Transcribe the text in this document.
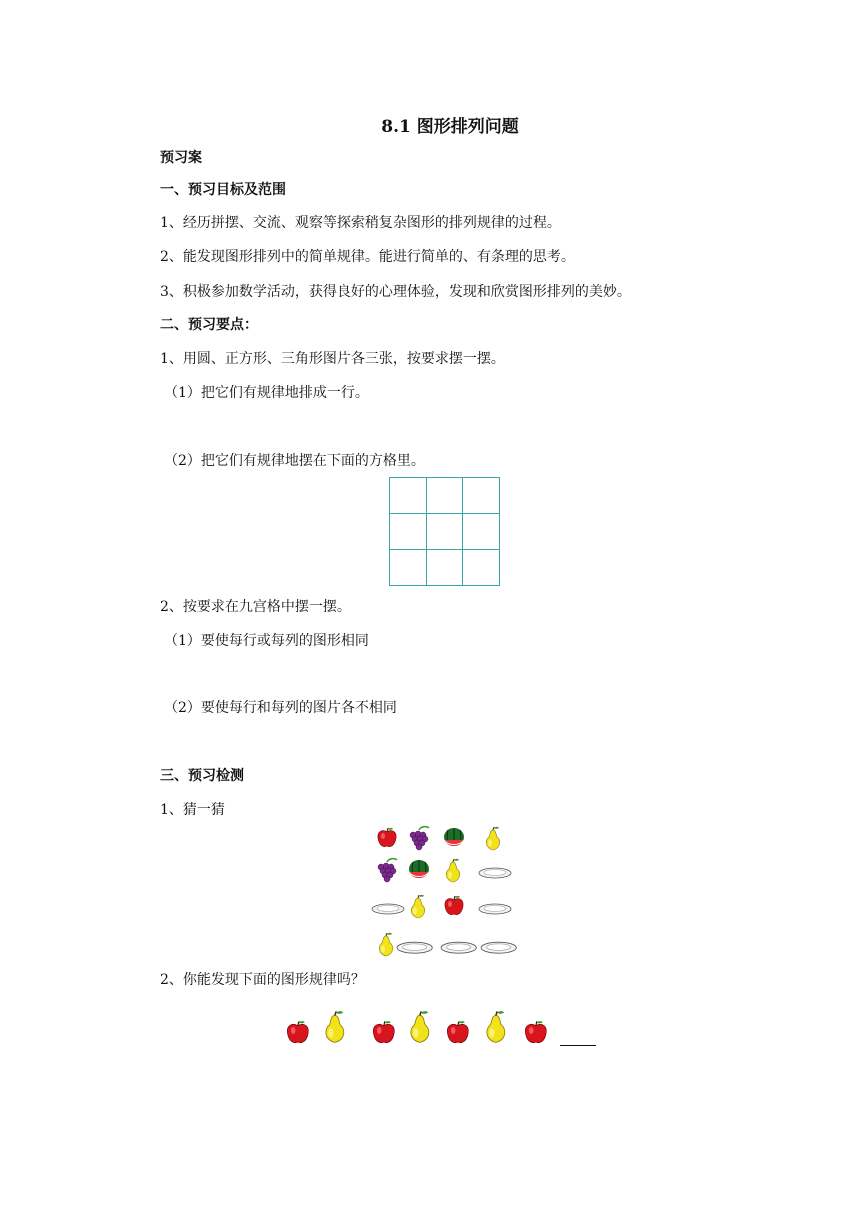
8.1 图形排列问题
预习案
一、预习目标及范围
1、经历拼摆、交流、观察等探索稍复杂图形的排列规律的过程。
2、能发现图形排列中的简单规律。能进行简单的、有条理的思考。
3、积极参加数学活动，获得良好的心理体验，发现和欣赏图形排列的美妙。
二、预习要点：
1、用圆、正方形、三角形图片各三张，按要求摆一摆。
（1）把它们有规律地排成一行。
（2）把它们有规律地摆在下面的方格里。

2、按要求在九宫格中摆一摆。
（1）要使每行或每列的图形相同
（2）要使每行和每列的图片各不相同
三、预习检测
1、猜一猜
2、你能发现下面的图形规律吗？
